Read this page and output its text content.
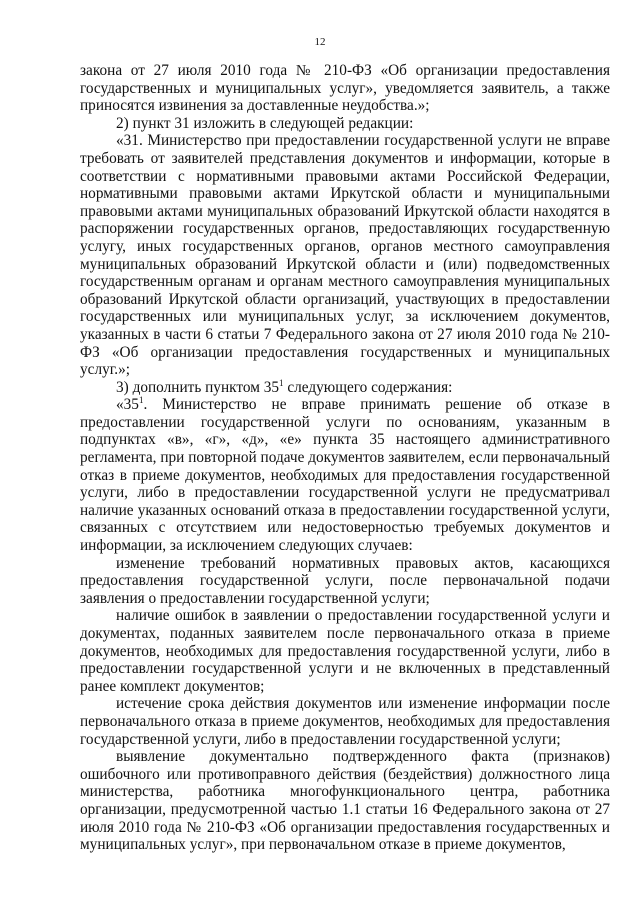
12

закона от 27 июля 2010 года № 210-ФЗ «Об организации предоставления государственных и муниципальных услуг», уведомляется заявитель, а также приносятся извинения за доставленные неудобства.»;

2) пункт 31 изложить в следующей редакции:

«31. Министерство при предоставлении государственной услуги не вправе требовать от заявителей представления документов и информации, которые в соответствии с нормативными правовыми актами Российской Федерации, нормативными правовыми актами Иркутской области и муниципальными правовыми актами муниципальных образований Иркутской области находятся в распоряжении государственных органов, предоставляющих государственную услугу, иных государственных органов, органов местного самоуправления муниципальных образований Иркутской области и (или) подведомственных государственным органам и органам местного самоуправления муниципальных образований Иркутской области организаций, участвующих в предоставлении государственных или муниципальных услуг, за исключением документов, указанных в части 6 статьи 7 Федерального закона от 27 июля 2010 года № 210-ФЗ «Об организации предоставления государственных и муниципальных услуг.»;

3) дополнить пунктом $35^1$ следующего содержания:

«$35^1$. Министерство не вправе принимать решение об отказе в предоставлении государственной услуги по основаниям, указанным в подпунктах «в», «г», «д», «е» пункта 35 настоящего административного регламента, при повторной подаче документов заявителем, если первоначальный отказ в приеме документов, необходимых для предоставления государственной услуги, либо в предоставлении государственной услуги не предусматривал наличие указанных оснований отказа в предоставлении государственной услуги, связанных с отсутствием или недостоверностью требуемых документов и информации, за исключением следующих случаев:

изменение требований нормативных правовых актов, касающихся предоставления государственной услуги, после первоначальной подачи заявления о предоставлении государственной услуги;

наличие ошибок в заявлении о предоставлении государственной услуги и документах, поданных заявителем после первоначального отказа в приеме документов, необходимых для предоставления государственной услуги, либо в предоставлении государственной услуги и не включенных в представленный ранее комплект документов;

истечение срока действия документов или изменение информации после первоначального отказа в приеме документов, необходимых для предоставления государственной услуги, либо в предоставлении государственной услуги;

выявление документально подтвержденного факта (признаков) ошибочного или противоправного действия (бездействия) должностного лица министерства, работника многофункционального центра, работника организации, предусмотренной частью 1.1 статьи 16 Федерального закона от 27 июля 2010 года № 210-ФЗ «Об организации предоставления государственных и муниципальных услуг», при первоначальном отказе в приеме документов,
